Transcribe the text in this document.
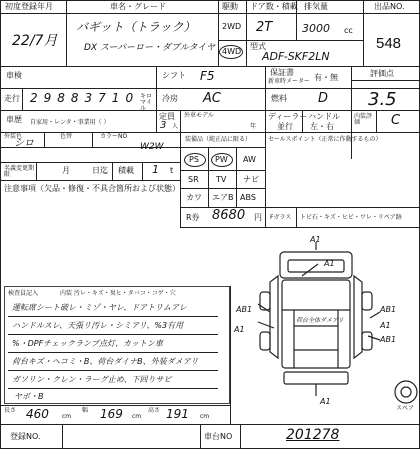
初度登録年月
22/7月
車名・グレード
バギット（トラック）
DX スーパーロー・ダブルタイヤ
駆動
2WD
4WD
ドア数・積載
2T
排気量
3000 cc
型式
ADF-SKF2LN
出品NO.
548
車検	シフト F5	保証書
新車時メーター 有・無	評価点
3.5
走行 29883710 キロマイル
冷房 AC	燃料 D
車歴 自家用・レンタ・事業用（ ）
定員
3 人
外車モデル
年
ディーラー
並行
ハンドル
左・右
内装評価	C
外装色
シロ
色替	カラーNO
W2W
名義変更期限	月	日迄 積載 1 t
装備品（純正品に限る）	セールスポイント（正常に作動するもの）
PS PW AW
SR TV ナビ
カワ エアB ABS
R券 8680 円 Fガラス トビ石・キズ・ヒビ・ワレ・リペア跡
注意事項（欠品・修復・不具合箇所および状態）
検査員記入	内装 汚レ・キズ・臭ヒ・タバコ・コゲ・穴
運転席シート破レ・ミゾ・ヤレ、ドアトリムアレ
ハンドルスレ、天張リ汚レ・シミアリ、%3有用
%・DPFチェックランプ点灯、カットン車
荷台キズ・ヘコミ・B、荷台ダイナB、外装ダメアリ
ガソリン・クレン・ラーグ止め、下回りサビ
ヤボ・B
長さ 460 cm
幅 169 cm
高さ 191 cm
登録NO.	車台NO	201278
A1
A1
A1
AB1	AB1
AB1
A1
A1
荷台全体ダメアリ
スペア
